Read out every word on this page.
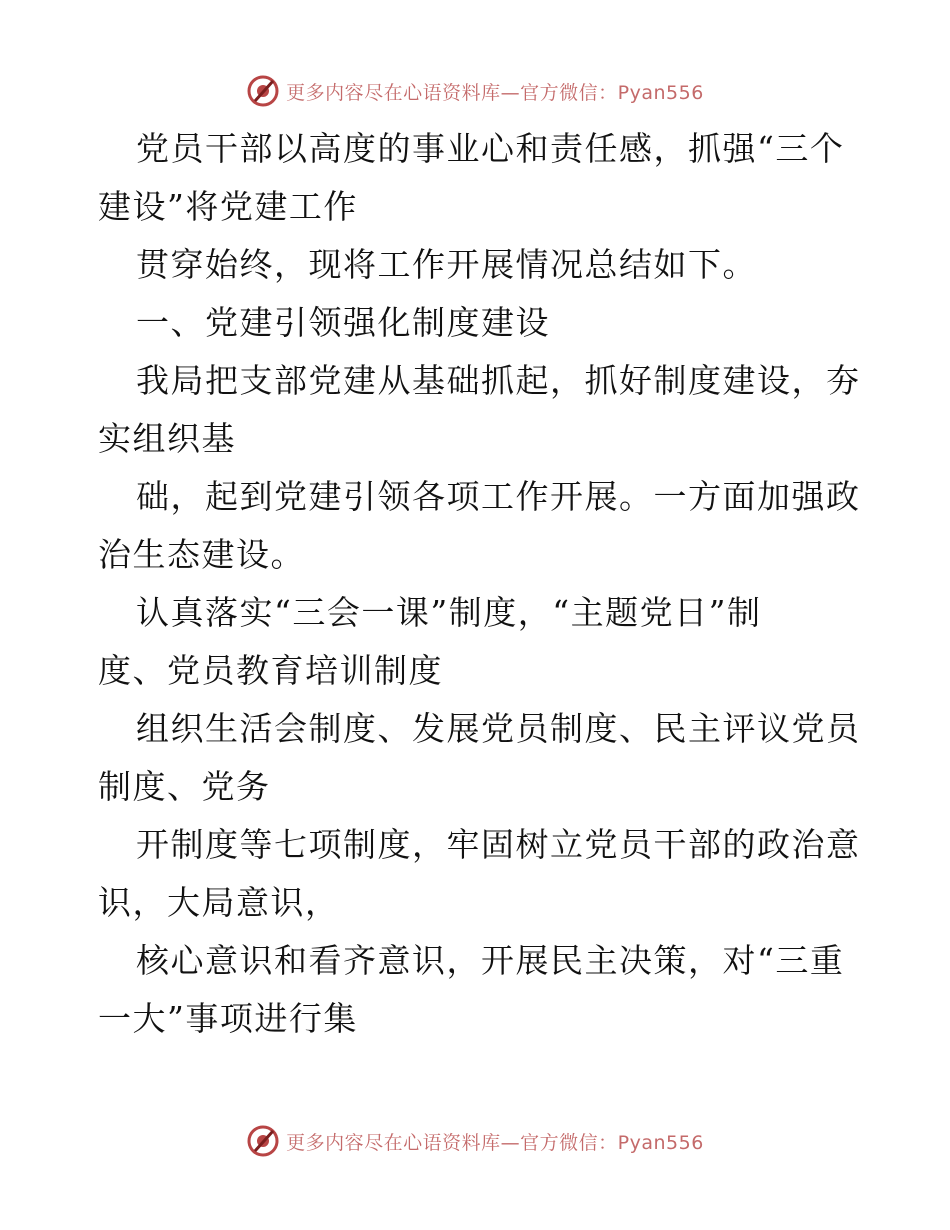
更多内容尽在心语资料库—官方微信：Pyan556
党员干部以高度的事业心和责任感，抓强“三个
建设”将党建工作
贯穿始终，现将工作开展情况总结如下。
一、党建引领强化制度建设
我局把支部党建从基础抓起，抓好制度建设，夯
实组织基
础，起到党建引领各项工作开展。一方面加强政
治生态建设。
认真落实“三会一课”制度，“主题党日”制
度、党员教育培训制度
组织生活会制度、发展党员制度、民主评议党员
制度、党务
开制度等七项制度，牢固树立党员干部的政治意
识，大局意识，
核心意识和看齐意识，开展民主决策，对“三重
一大”事项进行集
更多内容尽在心语资料库—官方微信：Pyan556
